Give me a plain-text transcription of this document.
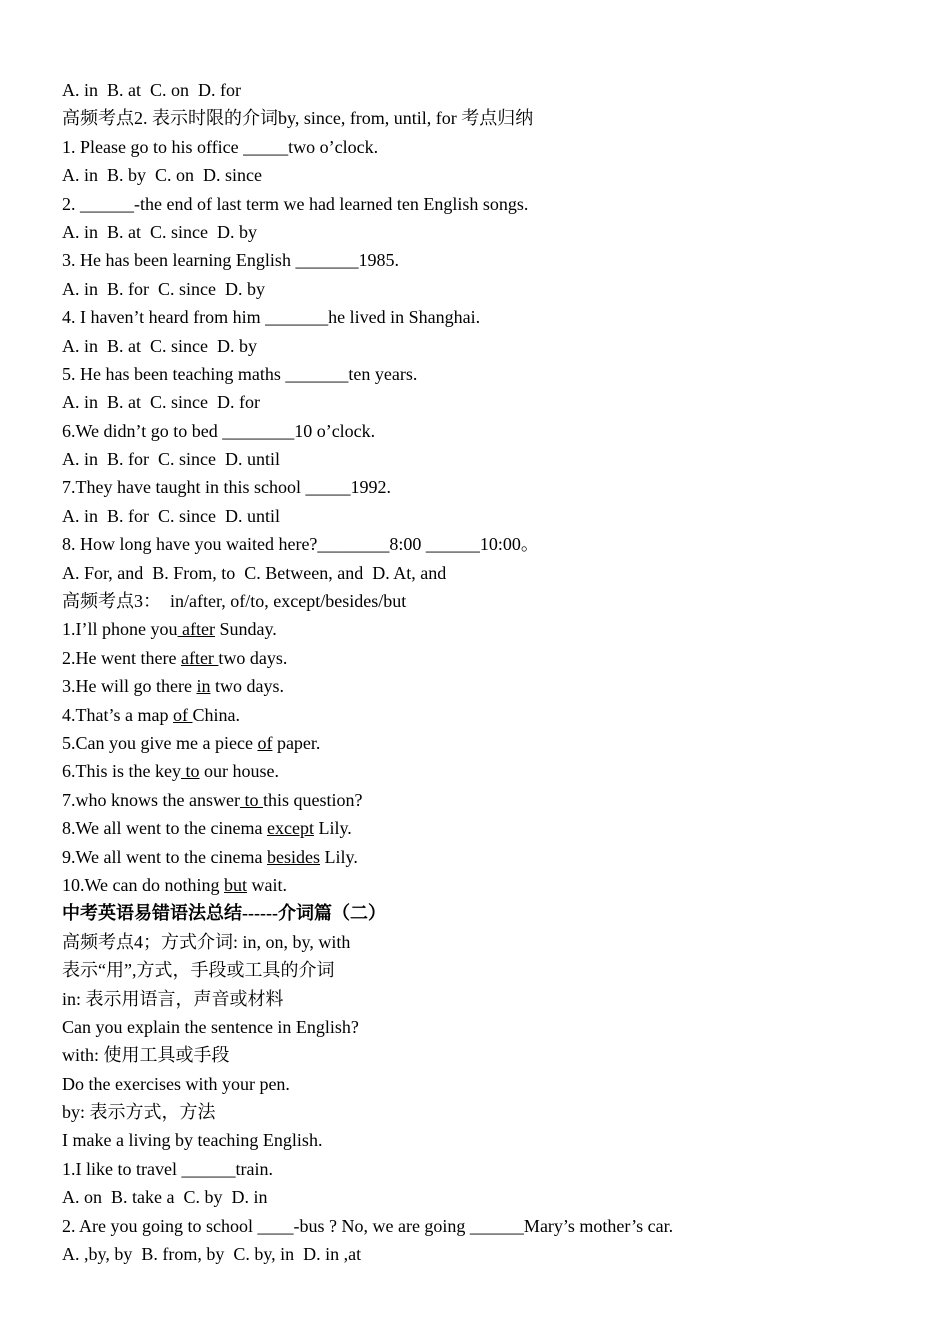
A. in  B. at  C. on  D. for
高频考点2. 表示时限的介词by, since, from, until, for 考点归纳
1. Please go to his office _____two o’clock.
A. in  B. by  C. on  D. since
2. ______-the end of last term we had learned ten English songs.
A. in  B. at  C. since  D. by
3. He has been learning English _______1985.
A. in  B. for  C. since  D. by
4. I haven’t heard from him _______he lived in Shanghai.
A. in  B. at  C. since  D. by
5. He has been teaching maths _______ten years.
A. in  B. at  C. since  D. for
6.We didn’t go to bed ________10 o’clock.
A. in  B. for  C. since  D. until
7.They have taught in this school _____1992.
A. in  B. for  C. since  D. until
8. How long have you waited here?________8:00 ______10:00。
A. For, and  B. From, to  C. Between, and  D. At, and
高频考点3：  in/after, of/to, except/besides/but
1.I’ll phone you after Sunday.
2.He went there after two days.
3.He will go there in two days.
4.That’s a map of China.
5.Can you give me a piece of paper.
6.This is the key to our house.
7.who knows the answer to this question?
8.We all went to the cinema except Lily.
9.We all went to the cinema besides Lily.
10.We can do nothing but wait.
中考英语易错语法总结------介词篇（二）
高频考点4；方式介词: in, on, by, with
表示“用”,方式，手段或工具的介词
in: 表示用语言，声音或材料
Can you explain the sentence in English?
with: 使用工具或手段
Do the exercises with your pen.
by: 表示方式，方法
I make a living by teaching English.
1.I like to travel ______train.
A. on  B. take a  C. by  D. in
2. Are you going to school ____-bus ? No, we are going ______Mary’s mother’s car.
A. ,by, by  B. from, by  C. by, in  D. in ,at
